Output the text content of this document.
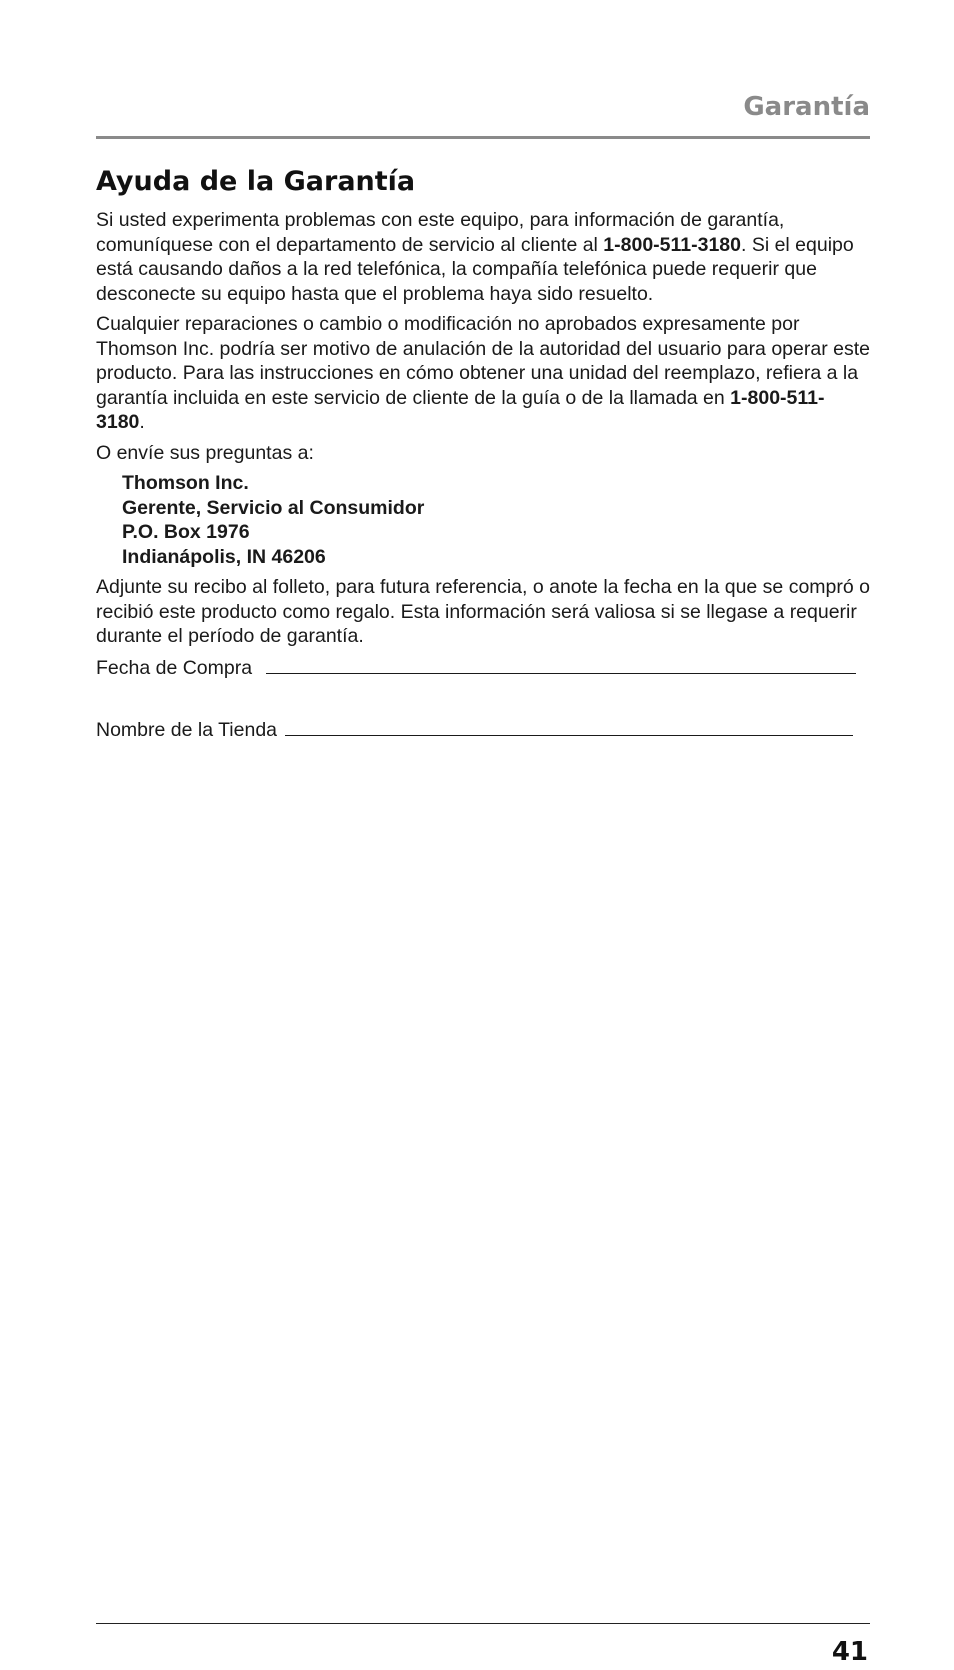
Garantía
Ayuda de la Garantía

Si usted experimenta problemas con este equipo, para información de garantía, comuníquese con el departamento de servicio al cliente al 1-800-511-3180. Si el equipo está causando daños a la red telefónica, la compañía telefónica puede requerir que desconecte su equipo hasta que el problema haya sido resuelto.

Cualquier reparaciones o cambio o modificación no aprobados expresamente por Thomson Inc. podría ser motivo de anulación de la autoridad del usuario para operar este producto. Para las instrucciones en cómo obtener una unidad del reemplazo, refiera a la garantía incluida en este servicio de cliente de la guía o de la llamada en 1-800-511-3180.

O envíe sus preguntas a:

Thomson Inc.
Gerente, Servicio al Consumidor
P.O. Box 1976
Indianápolis, IN 46206

Adjunte su recibo al folleto, para futura referencia, o anote la fecha en la que se compró o recibió este producto como regalo. Esta información será valiosa si se llegase a requerir durante el período de garantía.

Fecha de Compra
Nombre de la Tienda
41
